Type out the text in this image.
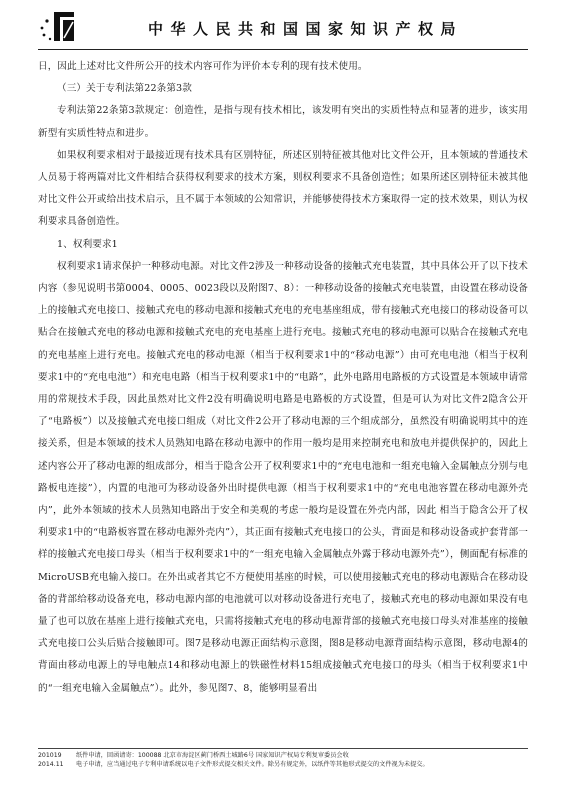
中华人民共和国国家知识产权局

日，因此上述对比文件所公开的技术内容可作为评价本专利的现有技术使用。

（三）关于专利法第22条第3款

专利法第22条第3款规定：创造性，是指与现有技术相比，该发明有突出的实质性特点和显著的进步，该实用新型有实质性特点和进步。

如果权利要求相对于最接近现有技术具有区别特征，所述区别特征被其他对比文件公开，且本领域的普通技术人员易于将两篇对比文件相结合获得权利要求的技术方案，则权利要求不具备创造性；如果所述区别特征未被其他对比文件公开或给出技术启示，且不属于本领域的公知常识，并能够使得技术方案取得一定的技术效果，则认为权利要求具备创造性。

1、权利要求1

权利要求1请求保护一种移动电源。对比文件2涉及一种移动设备的接触式充电装置，其中具体公开了以下技术内容（参见说明书第0004、0005、0023段以及附图7、8）：一种移动设备的接触式充电装置，由设置在移动设备上的接触式充电接口、接触式充电的移动电源和接触式充电的充电基座组成，带有接触式充电接口的移动设备可以贴合在接触式充电的移动电源和接触式充电的充电基座上进行充电。接触式充电的移动电源可以贴合在接触式充电的充电基座上进行充电。接触式充电的移动电源（相当于权利要求1中的“移动电源”）由可充电电池（相当于权利要求1中的“充电电池”）和充电电路（相当于权利要求1中的“电路”，此外电路用电路板的方式设置是本领域申请常用的常规技术手段，因此虽然对比文件2没有明确说明电路是电路板的方式设置，但是可认为对比文件2隐含公开了“电路板”）以及接触式充电接口组成（对比文件2公开了移动电源的三个组成部分，虽然没有明确说明其中的连接关系，但是本领域的技术人员熟知电路在移动电源中的作用一般均是用来控制充电和放电并提供保护的，因此上述内容公开了移动电源的组成部分，相当于隐含公开了权利要求1中的“充电电池和一组充电输入金属触点分别与电路板电连接”），内置的电池可为移动设备外出时提供电源（相当于权利要求1中的“充电电池容置在移动电源外壳内”，此外本领域的技术人员熟知电路出于安全和美观的考虑一般均是设置在外壳内部，因此 相当于隐含公开了权利要求1中的“电路板容置在移动电源外壳内”），其正面有接触式充电接口的公头，背面是和移动设备或护套背部一样的接触式充电接口母头（相当于权利要求1中的“一组充电输入金属触点外露于移动电源外壳”），侧面配有标准的MicroUSB充电输入接口。在外出或者其它不方便使用基座的时候，可以使用接触式充电的移动电源贴合在移动设备的背部给移动设备充电，移动电源内部的电池就可以对移动设备进行充电了，接触式充电的移动电源如果没有电量了也可以放在基座上进行接触式充电，只需将接触式充电的移动电源背部的接触式充电接口母头对准基座的接触式充电接口公头后贴合接触即可。图7是移动电源正面结构示意图，图8是移动电源背面结构示意图，移动电源4的背面由移动电源上的导电触点14和移动电源上的铁磁性材料15组成接触式充电接口的母头（相当于权利要求1中的“一组充电输入金属触点”）。此外，参见图7、8，能够明显看出

201019
2014.11
纸件申请，回函请寄：100088 北京市海淀区蓟门桥西土城路6号 国家知识产权局专利复审委员会收
电子申请，应当通过电子专利申请系统以电子文件形式提交相关文件。除另有规定外，以纸件等其他形式提交的文件视为未提交。
